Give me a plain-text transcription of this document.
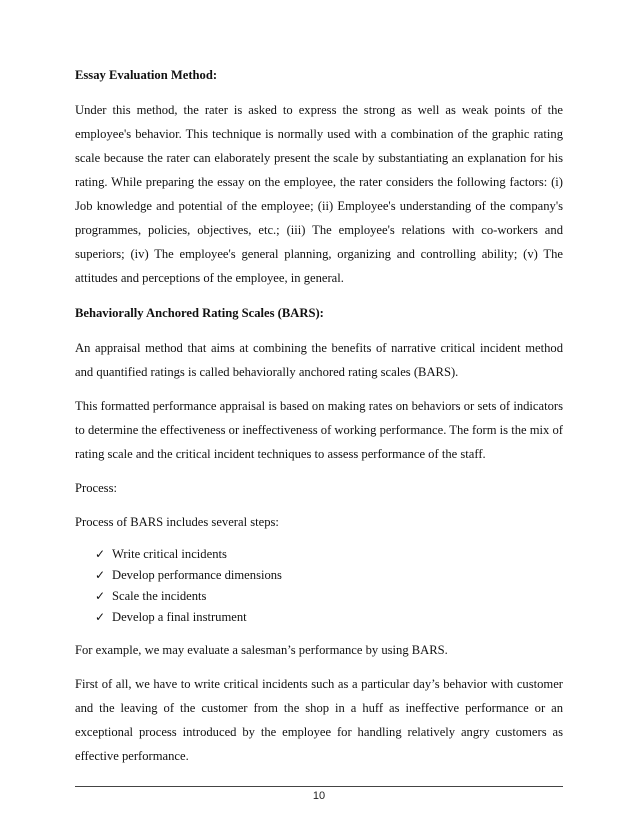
Essay Evaluation Method:

Under this method, the rater is asked to express the strong as well as weak points of the employee's behavior. This technique is normally used with a combination of the graphic rating scale because the rater can elaborately present the scale by substantiating an explanation for his rating. While preparing the essay on the employee, the rater considers the following factors: (i) Job knowledge and potential of the employee; (ii) Employee's understanding of the company's programmes, policies, objectives, etc.; (iii) The employee's relations with co-workers and superiors; (iv) The employee's general planning, organizing and controlling ability; (v) The attitudes and perceptions of the employee, in general.

Behaviorally Anchored Rating Scales (BARS):

An appraisal method that aims at combining the benefits of narrative critical incident method and quantified ratings is called behaviorally anchored rating scales (BARS).

This formatted performance appraisal is based on making rates on behaviors or sets of indicators to determine the effectiveness or ineffectiveness of working performance. The form is the mix of rating scale and the critical incident techniques to assess performance of the staff.

Process:

Process of BARS includes several steps:

✓ Write critical incidents
✓ Develop performance dimensions
✓ Scale the incidents
✓ Develop a final instrument

For example, we may evaluate a salesman’s performance by using BARS.

First of all, we have to write critical incidents such as a particular day’s behavior with customer and the leaving of the customer from the shop in a huff as ineffective performance or an exceptional process introduced by the employee for handling relatively angry customers as effective performance.

10
